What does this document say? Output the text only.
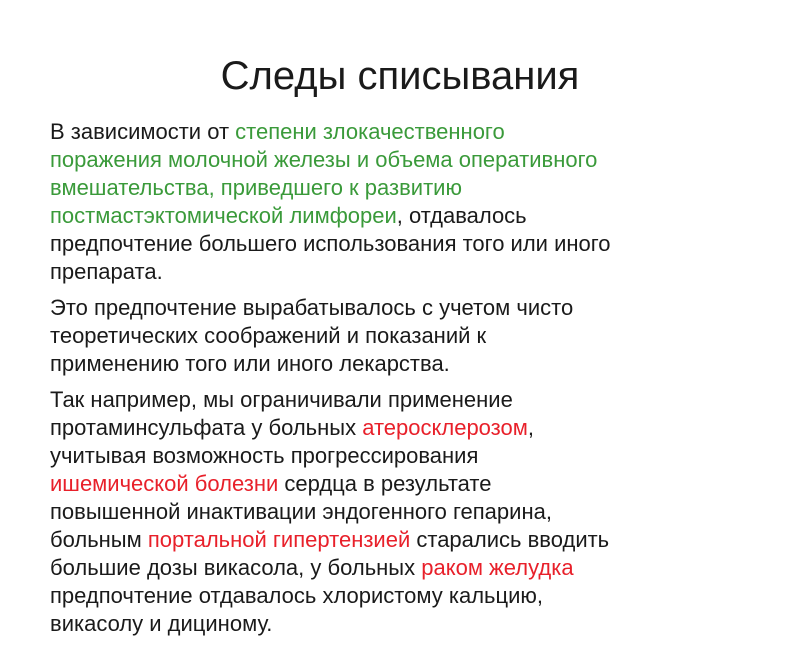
Следы списывания

В зависимости от степени злокачественного
поражения молочной железы и объема оперативного
вмешательства, приведшего к развитию
постмастэктомической лимфореи, отдавалось
предпочтение большего использования того или иного
препарата.

Это предпочтение вырабатывалось с учетом чисто
теоретических соображений и показаний к
применению того или иного лекарства.

Так например, мы ограничивали применение
протаминсульфата у больных атеросклерозом,
учитывая возможность прогрессирования
ишемической болезни сердца в результате
повышенной инактивации эндогенного гепарина,
больным портальной гипертензией старались вводить
большие дозы викасола, у больных раком желудка
предпочтение отдавалось хлористому кальцию,
викасолу и дициному.
